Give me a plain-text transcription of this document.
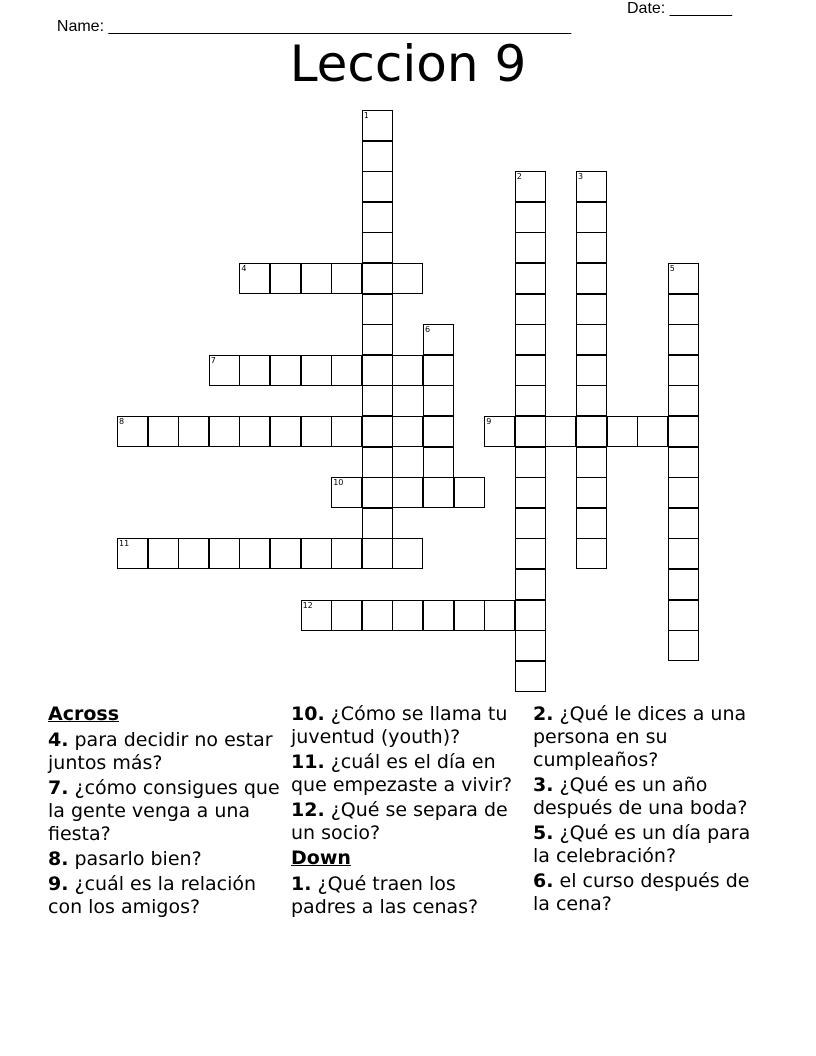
Name: ____________________________________________________

Date: _______

Leccion 9
4
7
8	9
10
11
12
1
2	3
5
6
Across
4. para decidir no estar juntos más?
7. ¿cómo consigues que la gente venga a una fiesta?
8. pasarlo bien?
9. ¿cuál es la relación con los amigos?
10. ¿Cómo se llama tu juventud (youth)?
11. ¿cuál es el día en que empezaste a vivir?
12. ¿Qué se separa de un socio?
Down
1. ¿Qué traen los padres a las cenas?
2. ¿Qué le dices a una persona en su cumpleaños?
3. ¿Qué es un año después de una boda?
5. ¿Qué es un día para la celebración?
6. el curso después de la cena?
